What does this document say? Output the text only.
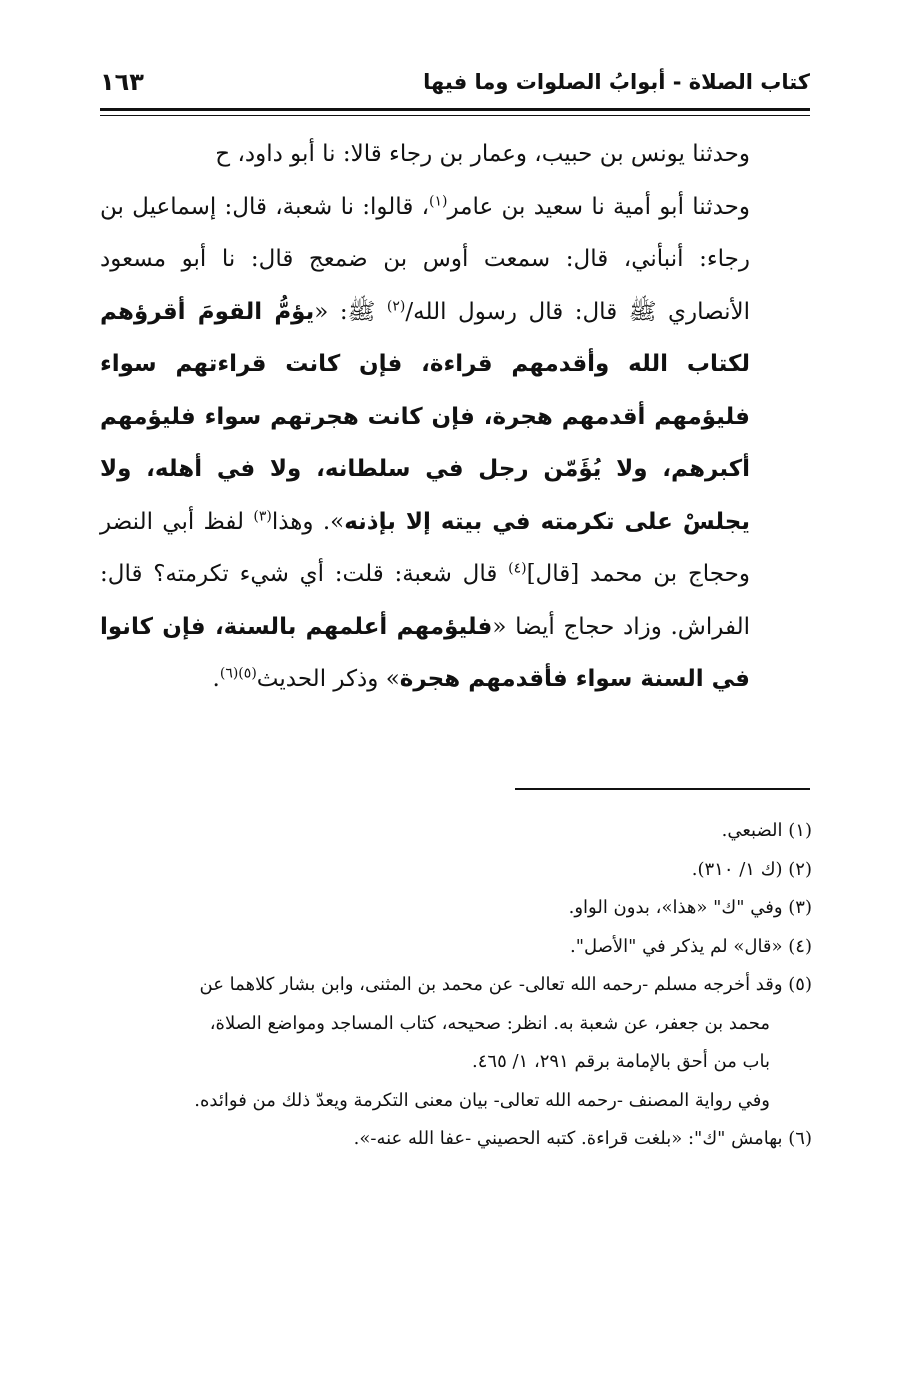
كتاب الصلاة - أبوابُ الصلوات وما فيها
١٦٣

وحدثنا يونس بن حبيب، وعمار بن رجاء قالا: نا أبو داود، ح

وحدثنا أبو أمية نا سعيد بن عامر$^{(١)}$، قالوا: نا شعبة، قال: إسماعيل بن رجاء: أنبأني، قال: سمعت أوس بن ضمعج قال: نا أبو مسعود الأنصاري ﷺ قال: قال رسول الله/$^{(٢)}$ ﷺ: «يؤمُّ القومَ أقرؤهم لكتاب الله وأقدمهم قراءة، فإن كانت قراءتهم سواء فليؤمهم أقدمهم هجرة، فإن كانت هجرتهم سواء فليؤمهم أكبرهم، ولا يُؤَمّن رجل في سلطانه، ولا في أهله، ولا يجلسْ على تكرمته في بيته إلا بإذنه». وهذا$^{(٣)}$ لفظ أبي النضر وحجاج بن محمد [قال]$^{(٤)}$ قال شعبة: قلت: أي شيء تكرمته؟ قال: الفراش. وزاد حجاج أيضا «فليؤمهم أعلمهم بالسنة، فإن كانوا في السنة سواء فأقدمهم هجرة» وذكر الحديث$^{(٥)(٦)}$.

(١) الضبعي.

(٢) (ك ١/ ٣١٠).

(٣) وفي "ك" «هذا»، بدون الواو.

(٤) «قال» لم يذكر في "الأصل".

(٥) وقد أخرجه مسلم -رحمه الله تعالى- عن محمد بن المثنى، وابن بشار كلاهما عن

محمد بن جعفر، عن شعبة به. انظر: صحيحه، كتاب المساجد ومواضع الصلاة،

باب من أحق بالإمامة برقم ٢٩١، ١/ ٤٦٥.

وفي رواية المصنف -رحمه الله تعالى- بيان معنى التكرمة ويعدّ ذلك من فوائده.

(٦) بهامش "ك": «بلغت قراءة. كتبه الحصيني -عفا الله عنه-».
